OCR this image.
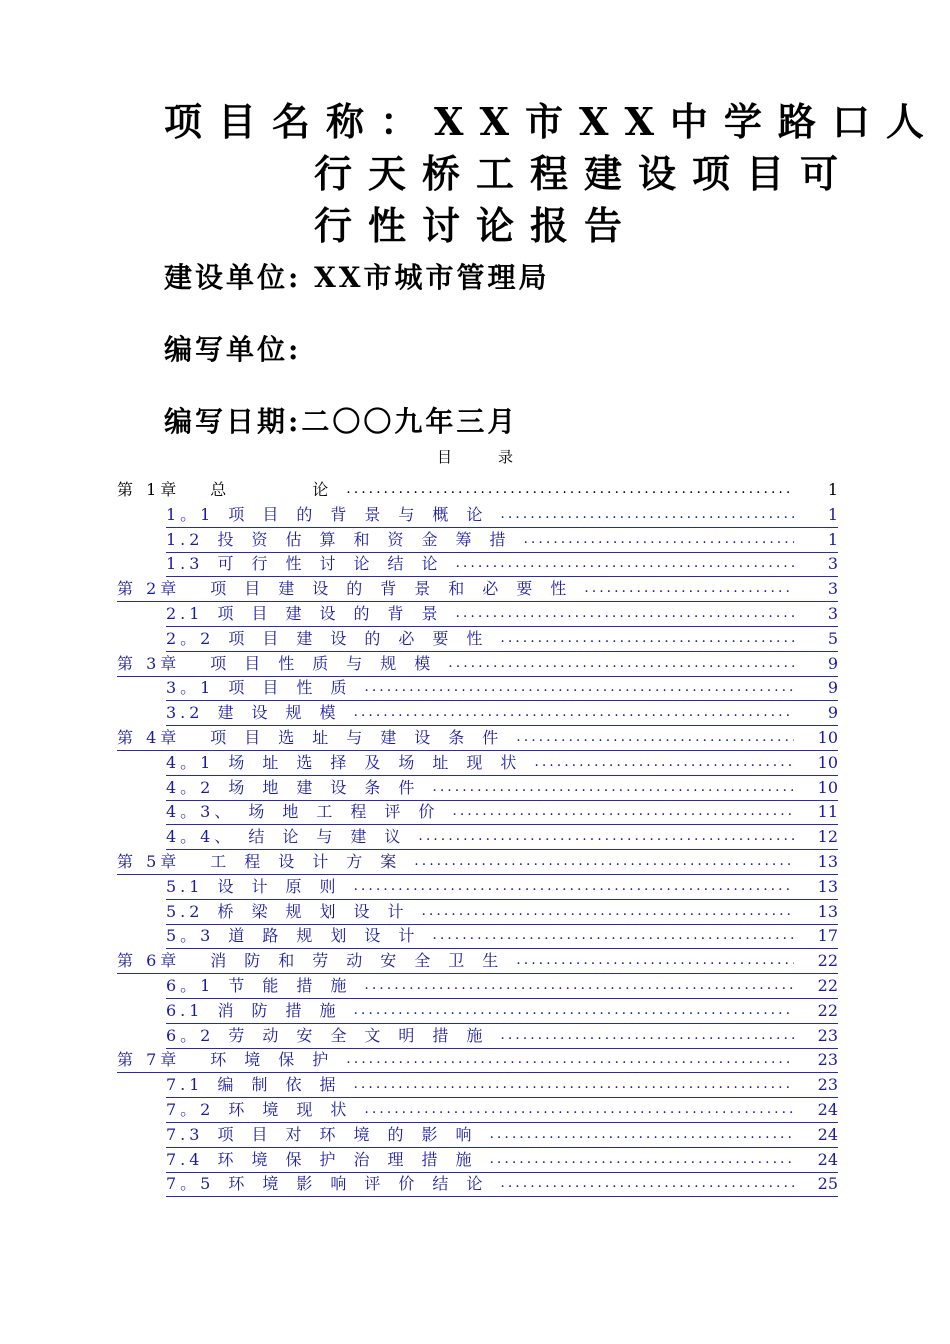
项目名称：XX市XX中学路口人
行天桥工程建设项目可
行性讨论报告
建设单位: XX市城市管理局
编写单位:
编写日期:二〇〇九年三月
目录
第 1章 总　　论 .....	1
1。1 项目的背景与概论 .....	1
1.2 投资估算和资金筹措 .....	1
1.3 可行性讨论结论 .....	3
第 2章 项目建设的背景和必要性 .....	3
2.1 项目建设的背景 .....	3
2。2 项目建设的必要性 .....	5
第 3章 项目性质与规模 .....	9
3。1 项目性质 .....	9
3.2 建设规模 .....	9
第 4章 项目选址与建设条件 .....	10
4。1 场址选择及场址现状 .....	10
4。2 场地建设条件 .....	10
4。3、 场地工程评价 .....	11
4。4、 结论与建议 .....	12
第 5章 工程设计方案 .....	13
5.1 设计原则 .....	13
5.2 桥梁规划设计 .....	13
5。3 道路规划设计 .....	17
第 6章 消防和劳动安全卫生 .....	22
6。1 节能措施 .....	22
6.1 消防措施 .....	22
6。2 劳动安全文明措施 .....	23
第 7章 环境保护 .....	23
7.1 编制依据 .....	23
7。2 环境现状 .....	24
7.3 项目对环境的影响 .....	24
7.4 环境保护治理措施 .....	24
7。5 环境影响评价结论 .....	25
